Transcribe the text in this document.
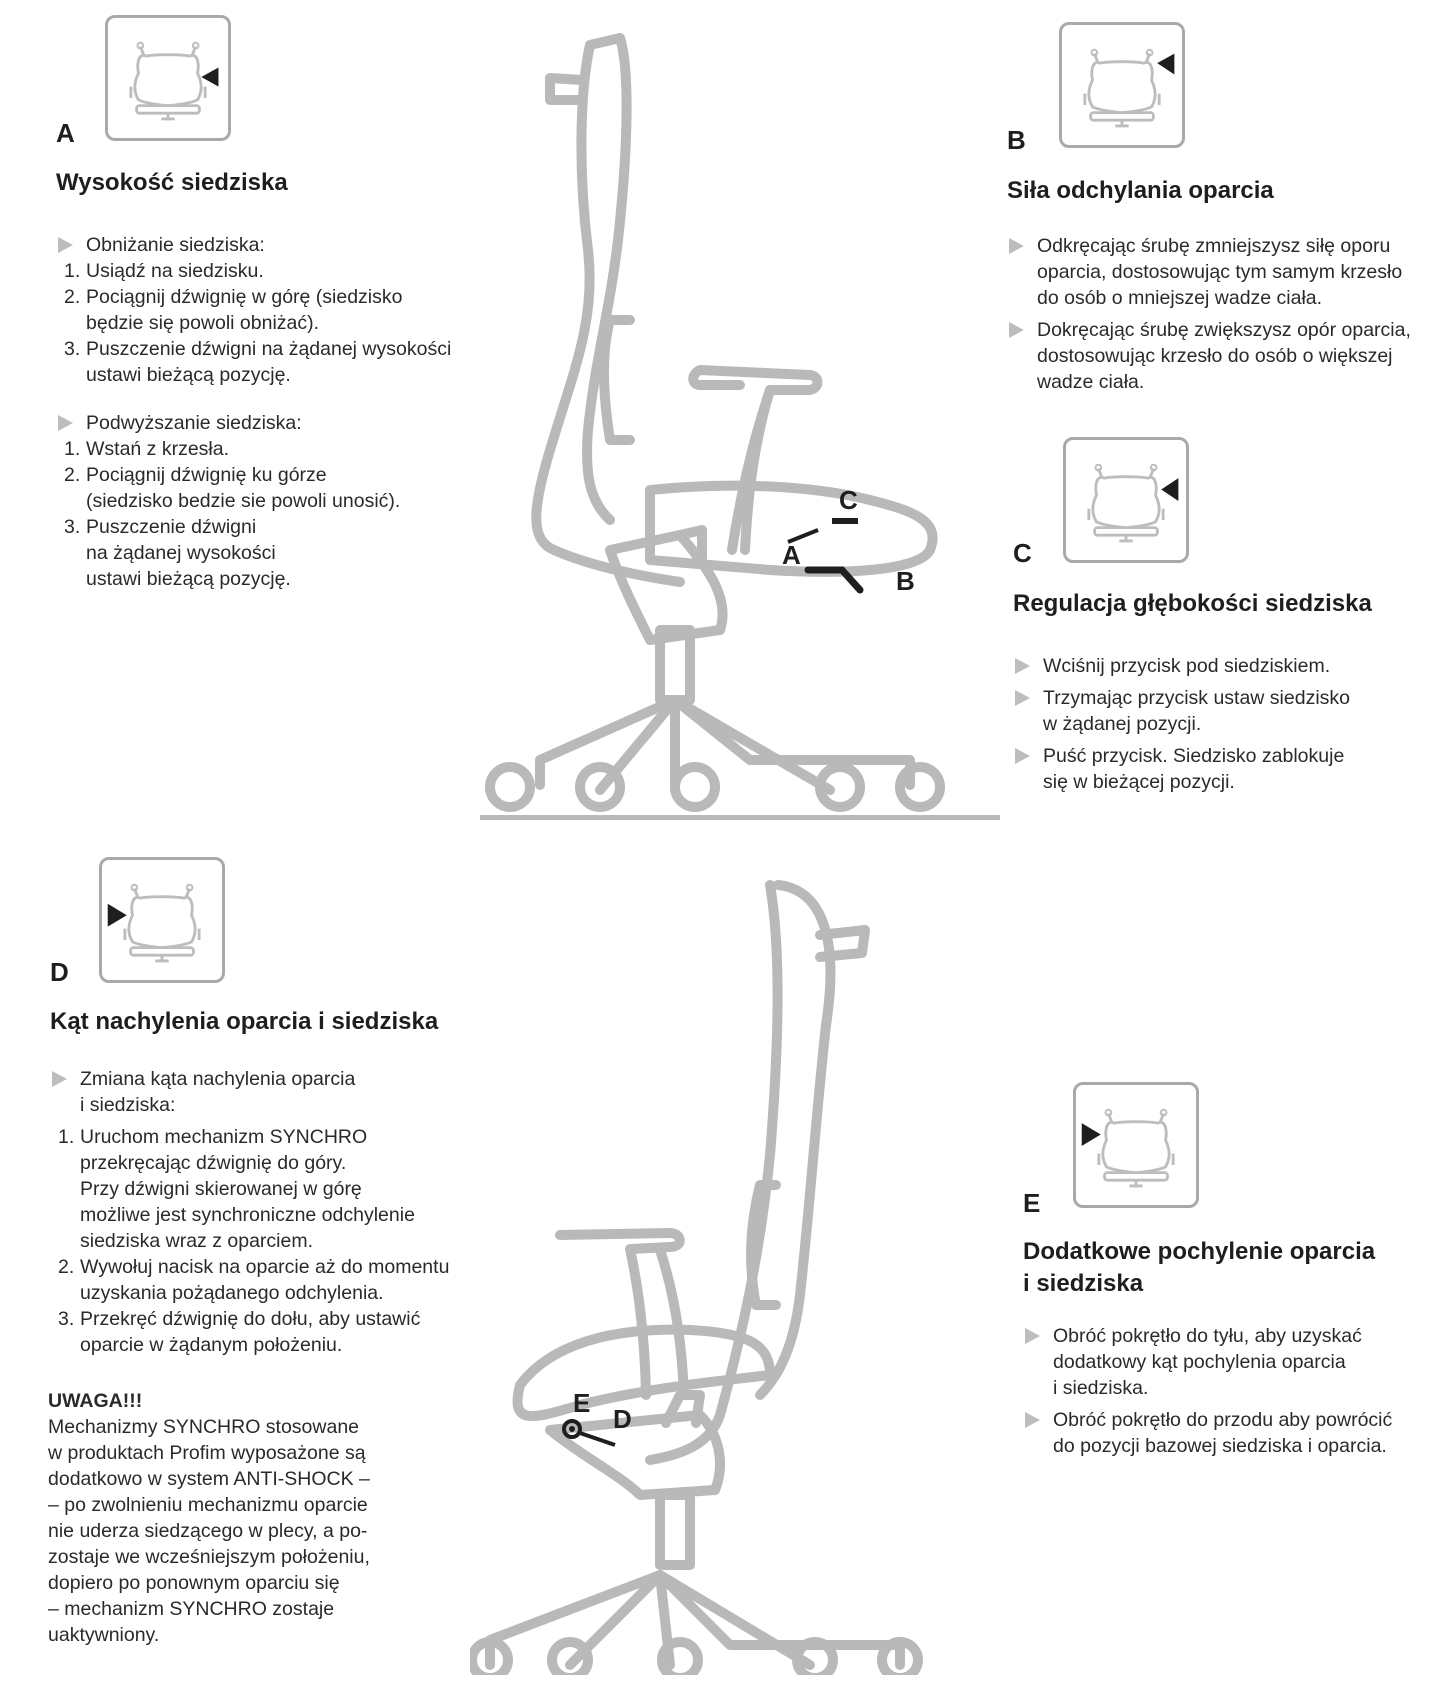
A
Wysokość siedziska
Obniżanie siedziska:
1. Usiądź na siedzisku.
2. Pociągnij dźwignię w górę (siedzisko
będzie się powoli obniżać).
3. Puszczenie dźwigni na żądanej wysokości
ustawi bieżącą pozycję.
Podwyższanie siedziska:
1. Wstań z krzesła.
2. Pociągnij dźwignię ku górze
(siedzisko bedzie sie powoli unosić).
3. Puszczenie dźwigni
na żądanej wysokości
ustawi bieżącą pozycję.
B
Siła odchylania oparcia
Odkręcając śrubę zmniejszysz siłę oporu
oparcia, dostosowując tym samym krzesło
do osób o mniejszej wadze ciała.
Dokręcając śrubę zwiększysz opór oparcia,
dostosowując krzesło do osób o większej
wadze ciała.
C
Regulacja głębokości siedziska
Wciśnij przycisk pod siedziskiem.
Trzymając przycisk ustaw siedzisko
w żądanej pozycji.
Puść przycisk. Siedzisko zablokuje
się w bieżącej pozycji.
D
Kąt nachylenia oparcia i siedziska
Zmiana kąta nachylenia oparcia
i siedziska:
1. Uruchom mechanizm SYNCHRO
przekręcając dźwignię do góry.
Przy dźwigni skierowanej w górę
możliwe jest synchroniczne odchylenie
siedziska wraz z oparciem.
2. Wywołuj nacisk na oparcie aż do momentu
uzyskania pożądanego odchylenia.
3. Przekręć dźwignię do dołu, aby ustawić
oparcie w żądanym położeniu.
UWAGA!!!
Mechanizmy SYNCHRO stosowane
w produktach Profim wyposażone są
dodatkowo w system ANTI-SHOCK –
– po zwolnieniu mechanizmu oparcie
nie uderza siedzącego w plecy, a po-
zostaje we wcześniejszym położeniu,
dopiero po ponownym oparciu się
– mechanizm SYNCHRO zostaje
uaktywniony.
E
Dodatkowe pochylenie oparcia
i siedziska
Obróć pokrętło do tyłu, aby uzyskać
dodatkowy kąt pochylenia oparcia
i siedziska.
Obróć pokrętło do przodu aby powrócić
do pozycji bazowej siedziska i oparcia.
C
A
B
E
D
